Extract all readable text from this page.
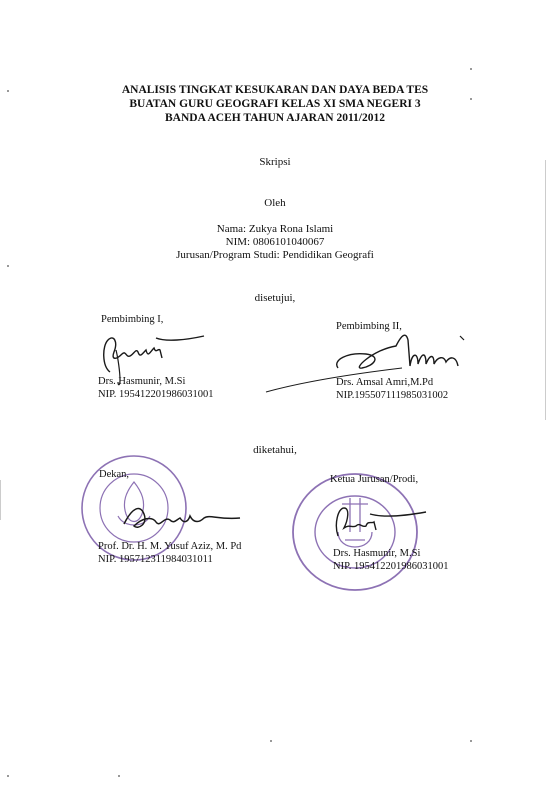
ANALISIS TINGKAT KESUKARAN DAN DAYA BEDA TES
BUATAN GURU GEOGRAFI KELAS XI SMA NEGERI 3
BANDA ACEH TAHUN AJARAN 2011/2012
Skripsi
Oleh
Nama: Zukya Rona Islami
NIM: 0806101040067
Jurusan/Program Studi: Pendidikan Geografi
disetujui,
Pembimbing I,
Drs. Hasmunir, M.Si
NIP. 195412201986031001
Pembimbing II,
Drs. Amsal Amri,M.Pd
NIP.195507111985031002
diketahui,
Dekan,
Prof. Dr. H. M. Yusuf Aziz, M. Pd
NIP. 195712311984031011
Ketua Jurusan/Prodi,
Drs. Hasmunir, M.Si
NIP. 195412201986031001
